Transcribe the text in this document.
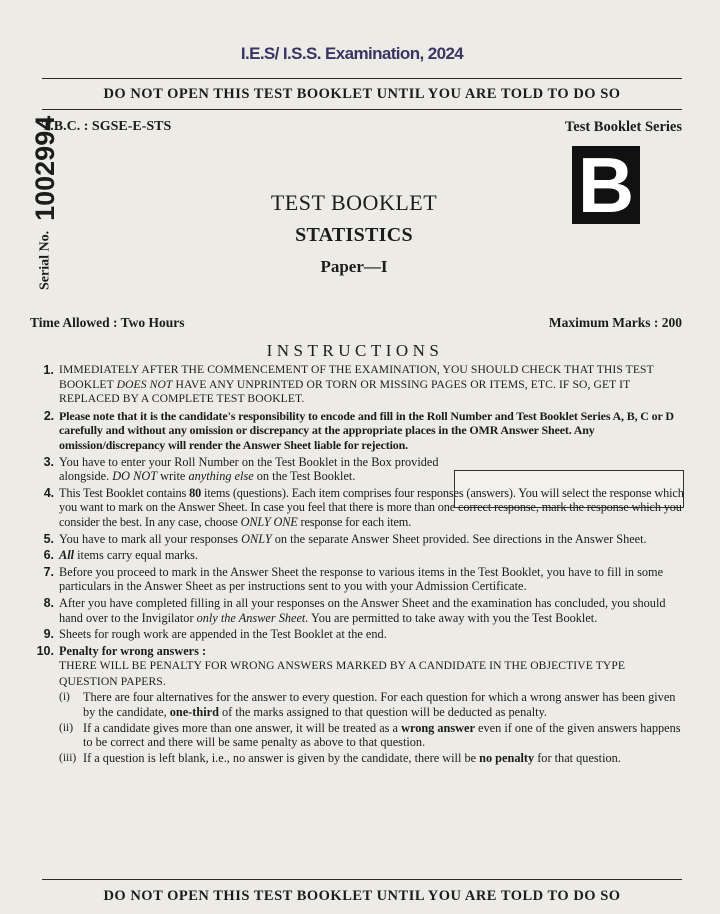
I.E.S/ I.S.S. Examination, 2024
DO NOT OPEN THIS TEST BOOKLET UNTIL YOU ARE TOLD TO DO SO
T.B.C. : SGSE-E-STS	Test Booklet Series
B
Serial No. 1002994	TEST BOOKLET
STATISTICS
Paper—I
Time Allowed : Two Hours	Maximum Marks : 200
INSTRUCTIONS
1. IMMEDIATELY AFTER THE COMMENCEMENT OF THE EXAMINATION, YOU SHOULD CHECK THAT THIS TEST BOOKLET DOES NOT HAVE ANY UNPRINTED OR TORN OR MISSING PAGES OR ITEMS, ETC. IF SO, GET IT REPLACED BY A COMPLETE TEST BOOKLET.
2. Please note that it is the candidate's responsibility to encode and fill in the Roll Number and Test Booklet Series A, B, C or D carefully and without any omission or discrepancy at the appropriate places in the OMR Answer Sheet. Any omission/discrepancy will render the Answer Sheet liable for rejection.
3. You have to enter your Roll Number on the Test Booklet in the Box provided alongside. DO NOT write anything else on the Test Booklet.
4. This Test Booklet contains 80 items (questions). Each item comprises four responses (answers). You will select the response which you want to mark on the Answer Sheet. In case you feel that there is more than one correct response, mark the response which you consider the best. In any case, choose ONLY ONE response for each item.
5. You have to mark all your responses ONLY on the separate Answer Sheet provided. See directions in the Answer Sheet.
6. All items carry equal marks.
7. Before you proceed to mark in the Answer Sheet the response to various items in the Test Booklet, you have to fill in some particulars in the Answer Sheet as per instructions sent to you with your Admission Certificate.
8. After you have completed filling in all your responses on the Answer Sheet and the examination has concluded, you should hand over to the Invigilator only the Answer Sheet. You are permitted to take away with you the Test Booklet.
9. Sheets for rough work are appended in the Test Booklet at the end.
10. Penalty for wrong answers :
THERE WILL BE PENALTY FOR WRONG ANSWERS MARKED BY A CANDIDATE IN THE OBJECTIVE TYPE QUESTION PAPERS.
(i) There are four alternatives for the answer to every question. For each question for which a wrong answer has been given by the candidate, one-third of the marks assigned to that question will be deducted as penalty.
(ii) If a candidate gives more than one answer, it will be treated as a wrong answer even if one of the given answers happens to be correct and there will be same penalty as above to that question.
(iii) If a question is left blank, i.e., no answer is given by the candidate, there will be no penalty for that question.
DO NOT OPEN THIS TEST BOOKLET UNTIL YOU ARE TOLD TO DO SO
